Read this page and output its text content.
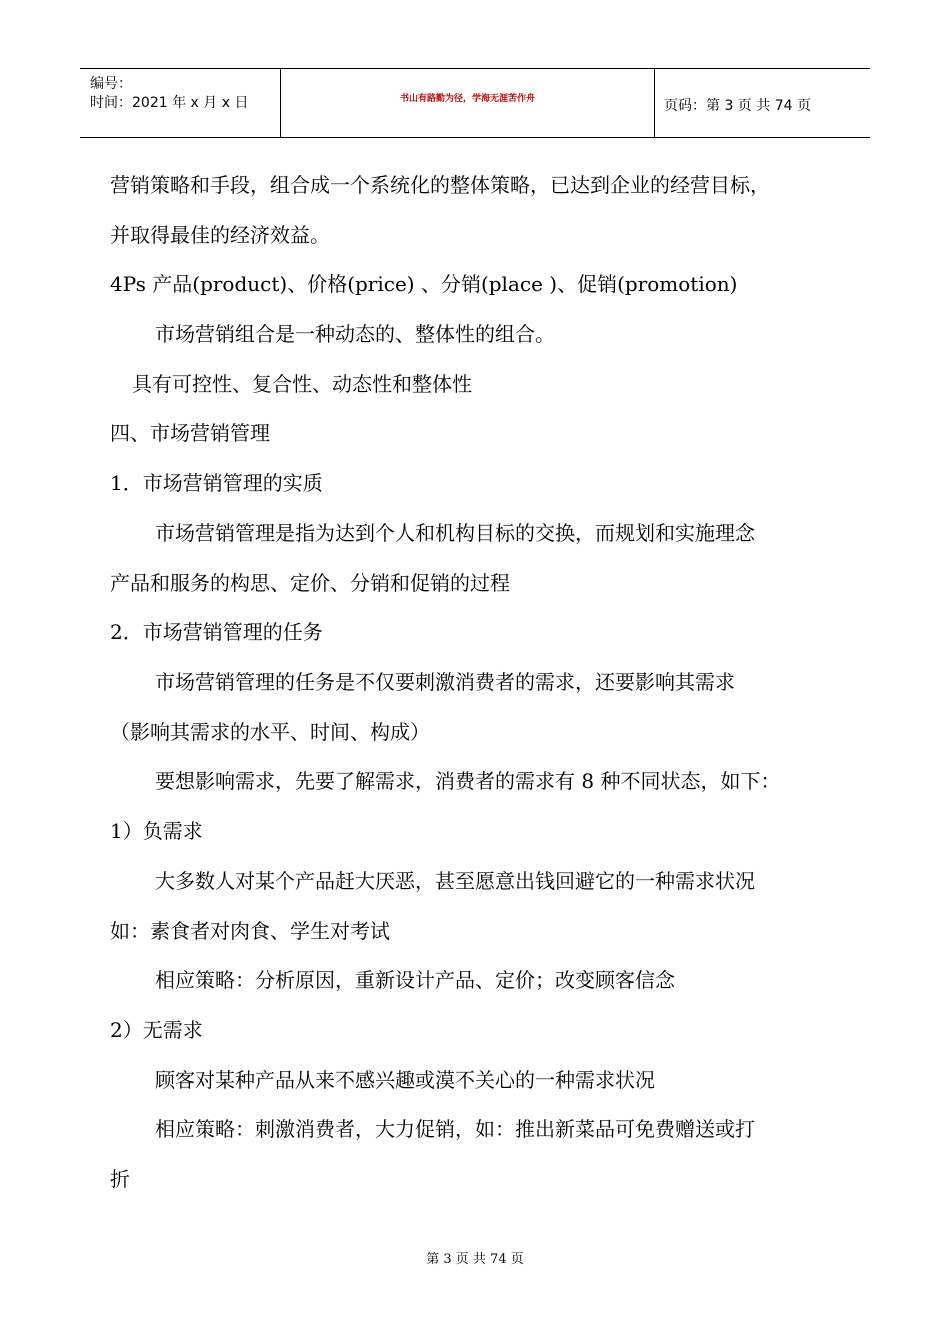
编号：
时间：2021 年 x 月 x 日	书山有路勤为径，学海无涯苦作舟	页码：第 3 页 共 74 页
营销策略和手段，组合成一个系统化的整体策略，已达到企业的经营目标，
并取得最佳的经济效益。
4Ps 产品(product)、价格(price) 、分销(place )、促销(promotion)
市场营销组合是一种动态的、整体性的组合。
具有可控性、复合性、动态性和整体性
四、市场营销管理
1．市场营销管理的实质
市场营销管理是指为达到个人和机构目标的交换，而规划和实施理念
产品和服务的构思、定价、分销和促销的过程
2．市场营销管理的任务
市场营销管理的任务是不仅要刺激消费者的需求，还要影响其需求
（影响其需求的水平、时间、构成）
要想影响需求，先要了解需求，消费者的需求有 8 种不同状态，如下：
1）负需求
大多数人对某个产品赶大厌恶，甚至愿意出钱回避它的一种需求状况
如：素食者对肉食、学生对考试
相应策略：分析原因，重新设计产品、定价；改变顾客信念
2）无需求
顾客对某种产品从来不感兴趣或漠不关心的一种需求状况
相应策略：刺激消费者，大力促销，如：推出新菜品可免费赠送或打
折
第 3 页 共 74 页
